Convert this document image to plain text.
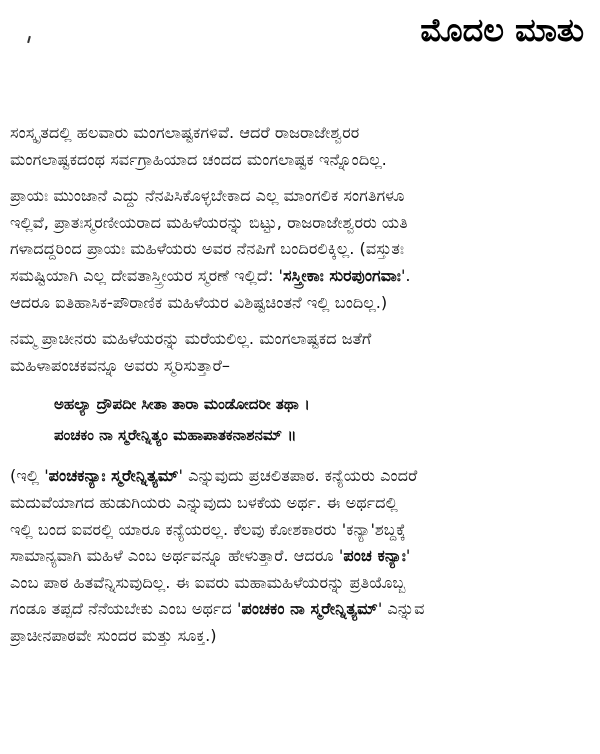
ಮೊದಲ ಮಾತು

ಸಂಸ್ಕೃತದಲ್ಲಿ ಹಲವಾರು ಮಂಗಲಾಷ್ಟಕಗಳಿವೆ. ಆದರೆ ರಾಜರಾಜೇಶ್ವರರ
ಮಂಗಲಾಷ್ಟಕದಂಥ ಸರ್ವಗ್ರಾಹಿಯಾದ ಚಂದದ ಮಂಗಲಾಷ್ಟಕ ಇನ್ನೊಂದಿಲ್ಲ.

ಪ್ರಾಯಃ ಮುಂಜಾನೆ ಎದ್ದು ನೆನಪಿಸಿಕೊಳ್ಳಬೇಕಾದ ಎಲ್ಲ ಮಾಂಗಲಿಕ ಸಂಗತಿಗಳೂ
ಇಲ್ಲಿವೆ, ಪ್ರಾತಃಸ್ಮರಣೀಯರಾದ ಮಹಿಳೆಯರನ್ನು ಬಿಟ್ಟು, ರಾಜರಾಜೇಶ್ವರರು ಯತಿ
ಗಳಾದದ್ದರಿಂದ ಪ್ರಾಯಃ ಮಹಿಳೆಯರು ಅವರ ನೆನಪಿಗೆ ಬಂದಿರಲಿಕ್ಕಿಲ್ಲ. (ವಸ್ತುತಃ
ಸಮಷ್ಟಿಯಾಗಿ ಎಲ್ಲ ದೇವತಾಸ್ತ್ರೀಯರ ಸ್ಮರಣೆ ಇಲ್ಲಿದೆ: 'ಸಸ್ತ್ರೀಕಾಃ ಸುರಪುಂಗವಾಃ'.
ಆದರೂ ಐತಿಹಾಸಿಕ-ಪೌರಾಣಿಕ ಮಹಿಳೆಯರ ವಿಶಿಷ್ಟಚಿಂತನೆ ಇಲ್ಲಿ ಬಂದಿಲ್ಲ.)

ನಮ್ಮ ಪ್ರಾಚೀನರು ಮಹಿಳೆಯರನ್ನು ಮರೆಯಲಿಲ್ಲ. ಮಂಗಲಾಷ್ಟಕದ ಜತೆಗೆ
ಮಹಿಳಾಪಂಚಕವನ್ನೂ ಅವರು ಸ್ಮರಿಸುತ್ತಾರೆ–

ಅಹಲ್ಯಾ ದ್ರೌಪದೀ ಸೀತಾ ತಾರಾ ಮಂಡೋದರೀ ತಥಾ ।
ಪಂಚಕಂ ನಾ ಸ್ಮರೇನ್ನಿತ್ಯಂ ಮಹಾಪಾತಕನಾಶನಮ್ ॥

(ಇಲ್ಲಿ 'ಪಂಚಕನ್ಯಾಃ ಸ್ಮರೇನ್ನಿತ್ಯಮ್' ಎನ್ನುವುದು ಪ್ರಚಲಿತಪಾಠ. ಕನ್ಯೆಯರು ಎಂದರೆ
ಮದುವೆಯಾಗದ ಹುಡುಗಿಯರು ಎನ್ನುವುದು ಬಳಕೆಯ ಅರ್ಥ. ಈ ಅರ್ಥದಲ್ಲಿ
ಇಲ್ಲಿ ಬಂದ ಐವರಲ್ಲಿ ಯಾರೂ ಕನ್ಯೆಯರಲ್ಲ. ಕೆಲವು ಕೋಶಕಾರರು 'ಕನ್ಯಾ'ಶಬ್ದಕ್ಕೆ
ಸಾಮಾನ್ಯವಾಗಿ ಮಹಿಳೆ ಎಂಬ ಅರ್ಥವನ್ನೂ ಹೇಳುತ್ತಾರೆ. ಆದರೂ 'ಪಂಚ ಕನ್ಯಾಃ'
ಎಂಬ ಪಾಠ ಹಿತವೆನ್ನಿಸುವುದಿಲ್ಲ. ಈ ಐವರು ಮಹಾಮಹಿಳೆಯರನ್ನು ಪ್ರತಿಯೊಬ್ಬ
ಗಂಡೂ ತಪ್ಪದೆ ನೆನೆಯಬೇಕು ಎಂಬ ಅರ್ಥದ 'ಪಂಚಕಂ ನಾ ಸ್ಮರೇನ್ನಿತ್ಯಮ್' ಎನ್ನುವ
ಪ್ರಾಚೀನಪಾಠವೇ ಸುಂದರ ಮತ್ತು ಸೂಕ್ತ.)
